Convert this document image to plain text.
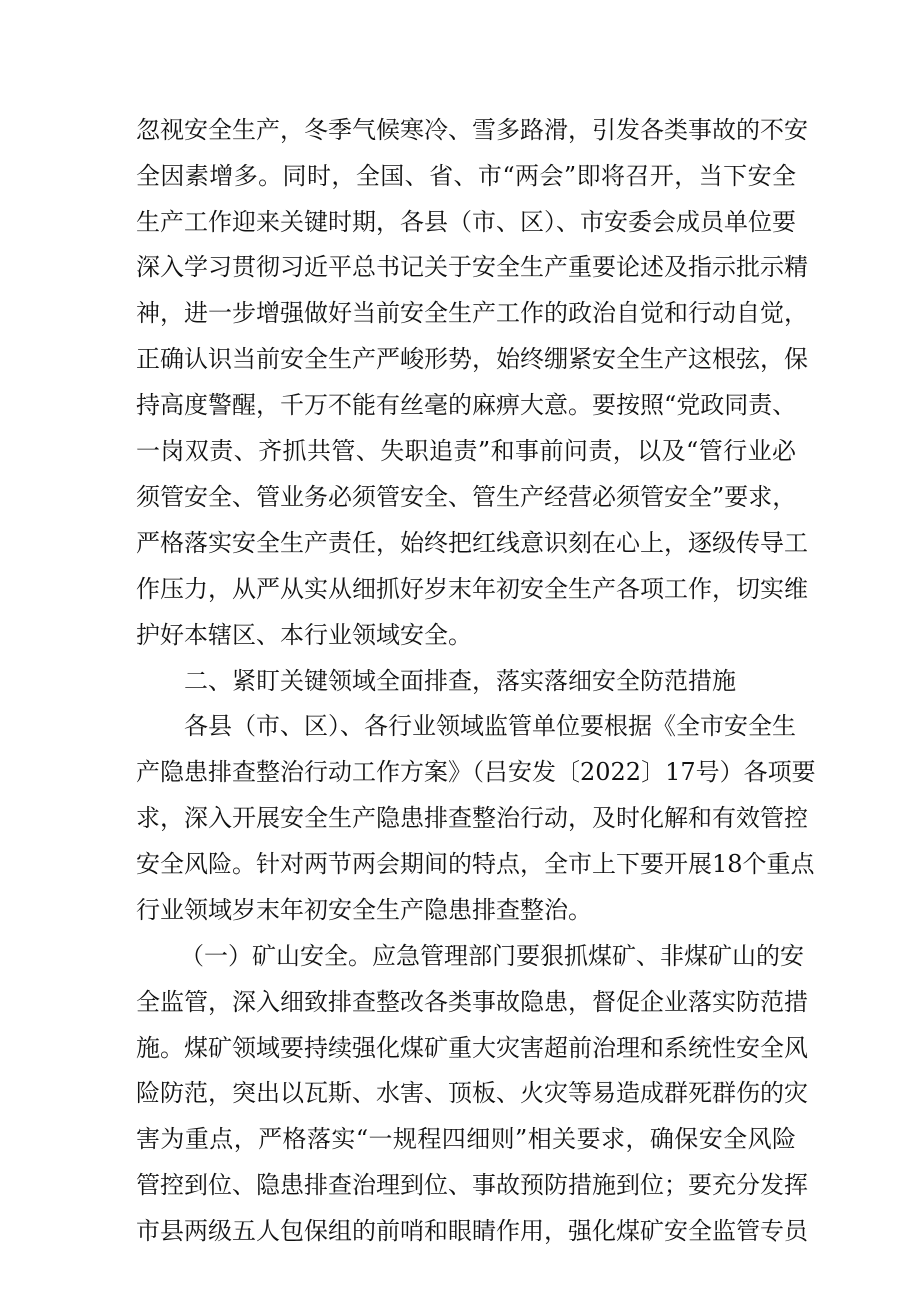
忽视安全生产，冬季气候寒冷、雪多路滑，引发各类事故的不安
全因素增多。同时，全国、省、市“两会”即将召开，当下安全
生产工作迎来关键时期，各县（市、区）、市安委会成员单位要
深入学习贯彻习近平总书记关于安全生产重要论述及指示批示精
神，进一步增强做好当前安全生产工作的政治自觉和行动自觉，
正确认识当前安全生产严峻形势，始终绷紧安全生产这根弦，保
持高度警醒，千万不能有丝毫的麻痹大意。要按照“党政同责、
一岗双责、齐抓共管、失职追责”和事前问责，以及“管行业必
须管安全、管业务必须管安全、管生产经营必须管安全”要求，
严格落实安全生产责任，始终把红线意识刻在心上，逐级传导工
作压力，从严从实从细抓好岁末年初安全生产各项工作，切实维
护好本辖区、本行业领域安全。
二、紧盯关键领域全面排查，落实落细安全防范措施
各县（市、区）、各行业领域监管单位要根据《全市安全生
产隐患排查整治行动工作方案》（吕安发〔2022〕17号）各项要
求，深入开展安全生产隐患排查整治行动，及时化解和有效管控
安全风险。针对两节两会期间的特点，全市上下要开展18个重点
行业领域岁末年初安全生产隐患排查整治。
（一）矿山安全。应急管理部门要狠抓煤矿、非煤矿山的安
全监管，深入细致排查整改各类事故隐患，督促企业落实防范措
施。煤矿领域要持续强化煤矿重大灾害超前治理和系统性安全风
险防范，突出以瓦斯、水害、顶板、火灾等易造成群死群伤的灾
害为重点，严格落实“一规程四细则”相关要求，确保安全风险
管控到位、隐患排查治理到位、事故预防措施到位；要充分发挥
市县两级五人包保组的前哨和眼睛作用，强化煤矿安全监管专员
